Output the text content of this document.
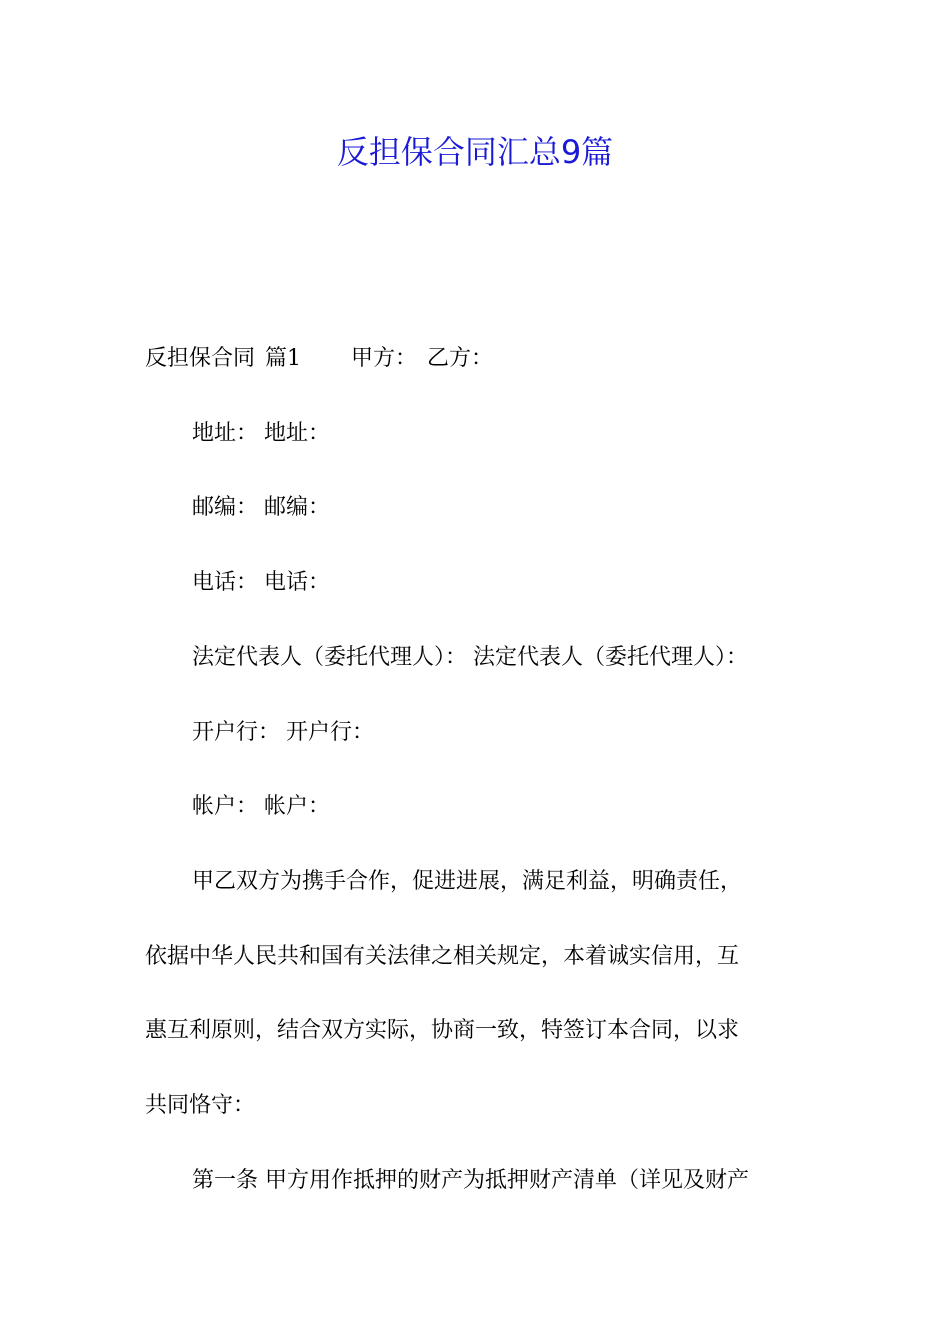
反担保合同汇总9篇

反担保合同 篇1 甲方： 乙方：

地址： 地址：

邮编： 邮编：

电话： 电话：

法定代表人（委托代理人）： 法定代表人（委托代理人）：

开户行： 开户行：

帐户： 帐户：

甲乙双方为携手合作，促进进展，满足利益，明确责任，

依据中华人民共和国有关法律之相关规定，本着诚实信用，互

惠互利原则，结合双方实际，协商一致，特签订本合同，以求

共同恪守：

第一条 甲方用作抵押的财产为抵押财产清单（详见及财产
